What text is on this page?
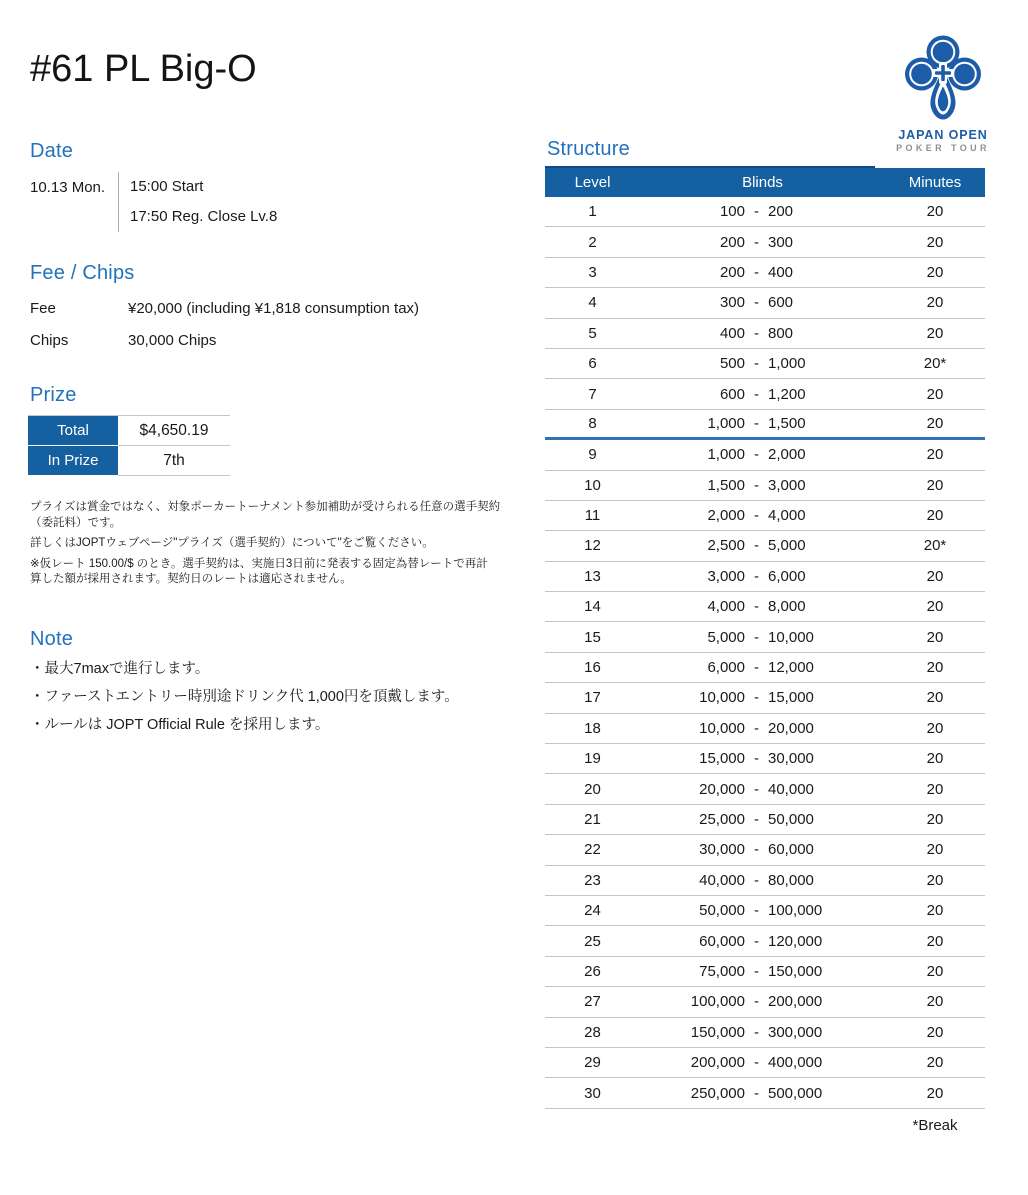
#61 PL Big-O
JAPAN OPEN
POKER TOUR
Date
10.13 Mon.	15:00 Start
17:50 Reg. Close Lv.8
Fee / Chips
Fee	¥20,000 (including ¥1,818 consumption tax)
Chips	30,000 Chips
Prize
Total	$4,650.19
In Prize	7th
プライズは賞金ではなく、対象ポーカートーナメント参加補助が受けられる任意の選手契約
（委託料）です。
詳しくはJOPTウェブページ"プライズ（選手契約）について"をご覧ください。
※仮レート 150.00/$ のとき。選手契約は、実施日3日前に発表する固定為替レートで再計
算した額が採用されます。契約日のレートは適応されません。
Note
・最大7maxで進行します。
・ファーストエントリー時別途ドリンク代 1,000円を頂戴します。
・ルールは JOPT Official Rule を採用します。
Structure
Level	Blinds	Minutes
1	100 - 200	20
2	200 - 300	20
3	200 - 400	20
4	300 - 600	20
5	400 - 800	20
6	500 - 1,000	20*
7	600 - 1,200	20
8	1,000 - 1,500	20
9	1,000 - 2,000	20
10	1,500 - 3,000	20
11	2,000 - 4,000	20
12	2,500 - 5,000	20*
13	3,000 - 6,000	20
14	4,000 - 8,000	20
15	5,000 - 10,000	20
16	6,000 - 12,000	20
17	10,000 - 15,000	20
18	10,000 - 20,000	20
19	15,000 - 30,000	20
20	20,000 - 40,000	20
21	25,000 - 50,000	20
22	30,000 - 60,000	20
23	40,000 - 80,000	20
24	50,000 - 100,000	20
25	60,000 - 120,000	20
26	75,000 - 150,000	20
27	100,000 - 200,000	20
28	150,000 - 300,000	20
29	200,000 - 400,000	20
30	250,000 - 500,000	20
*Break
